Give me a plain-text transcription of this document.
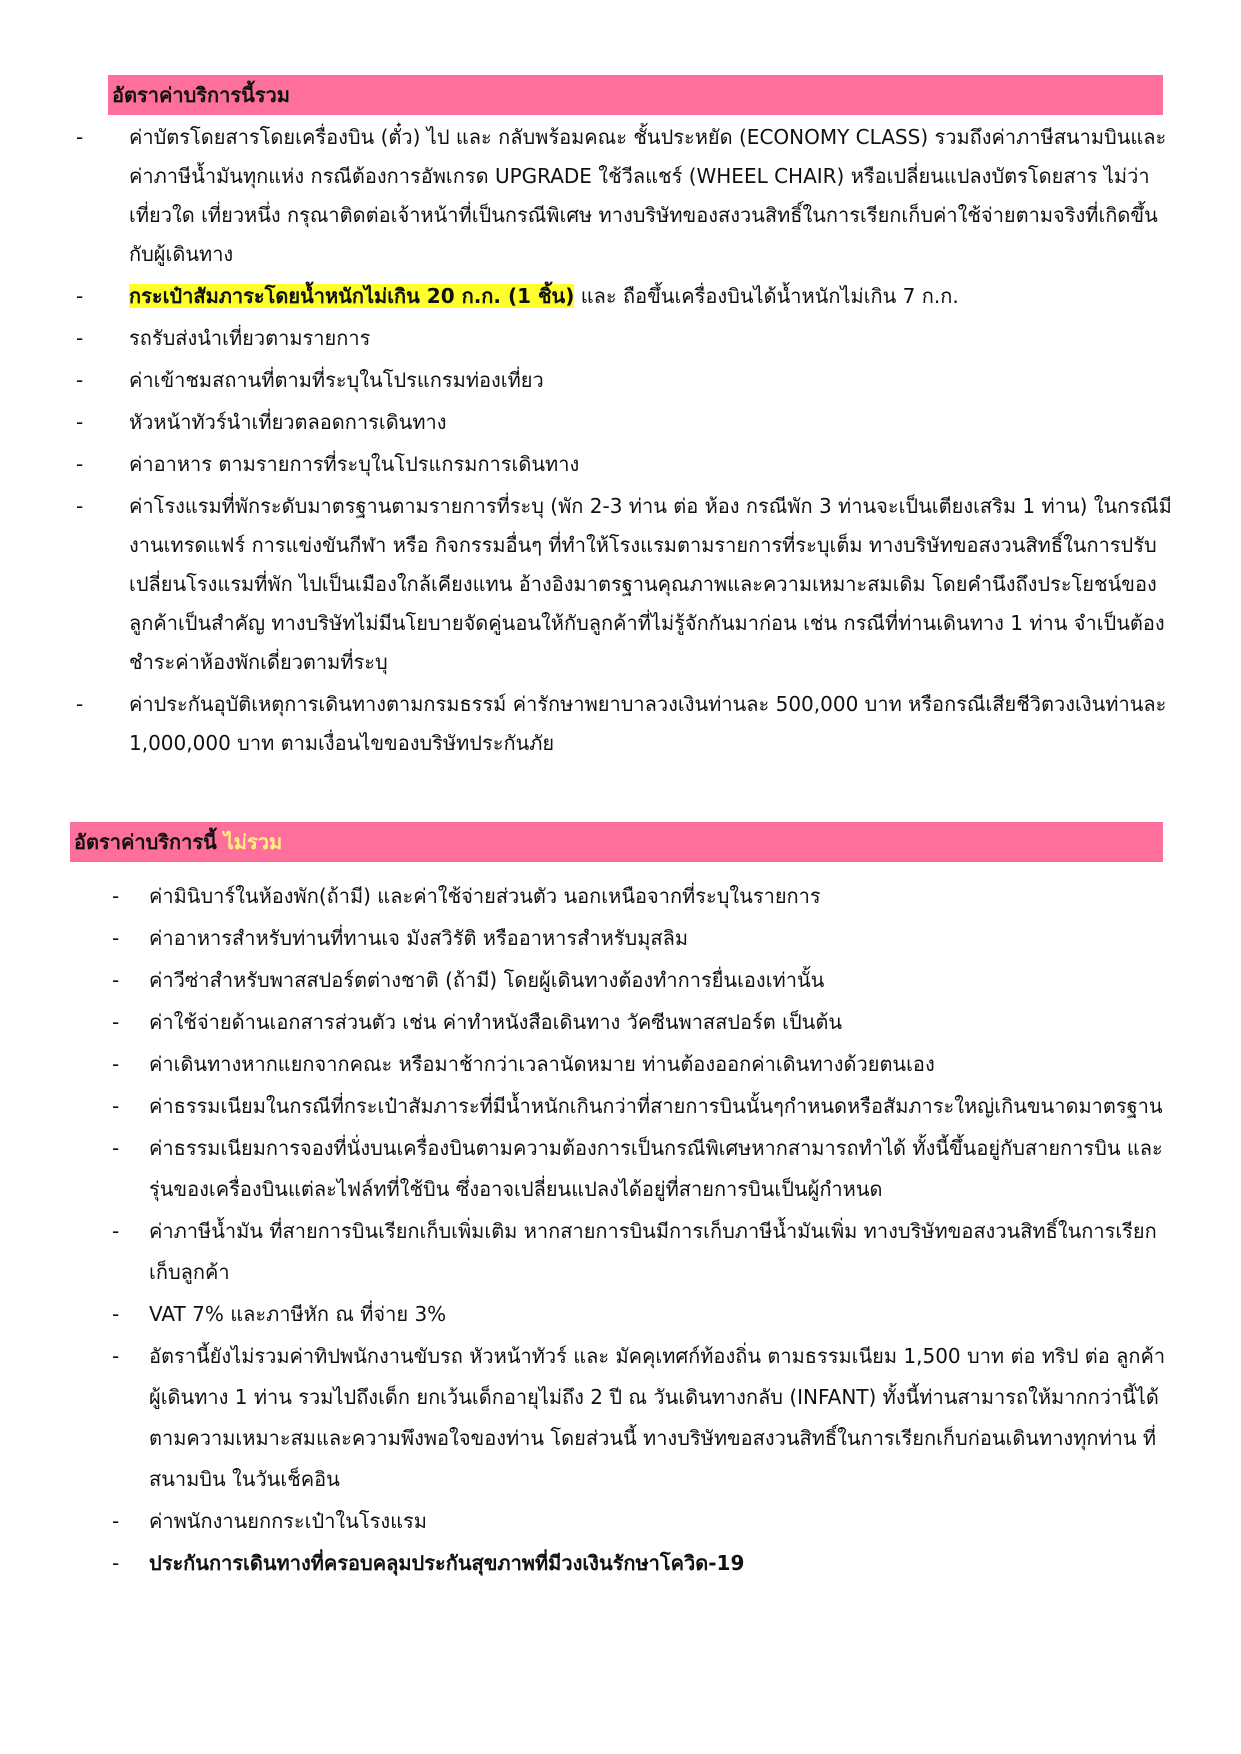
อัตราค่าบริการนี้รวม
- ค่าบัตรโดยสารโดยเครื่องบิน (ตั๋ว) ไป และ กลับพร้อมคณะ ชั้นประหยัด (ECONOMY CLASS) รวมถึงค่าภาษีสนามบินและค่าภาษีน้ำมันทุกแห่ง กรณีต้องการอัพเกรด UPGRADE ใช้วีลแชร์ (WHEEL CHAIR) หรือเปลี่ยนแปลงบัตรโดยสาร ไม่ว่าเที่ยวใด เที่ยวหนึ่ง กรุณาติดต่อเจ้าหน้าที่เป็นกรณีพิเศษ ทางบริษัทของสงวนสิทธิ์ในการเรียกเก็บค่าใช้จ่ายตามจริงที่เกิดขึ้นกับผู้เดินทาง
- กระเป๋าสัมภาระโดยน้ำหนักไม่เกิน 20 ก.ก. (1 ชิ้น) และ ถือขึ้นเครื่องบินได้น้ำหนักไม่เกิน 7 ก.ก.
- รถรับส่งนำเที่ยวตามรายการ
- ค่าเข้าชมสถานที่ตามที่ระบุในโปรแกรมท่องเที่ยว
- หัวหน้าทัวร์นำเที่ยวตลอดการเดินทาง
- ค่าอาหาร ตามรายการที่ระบุในโปรแกรมการเดินทาง
- ค่าโรงแรมที่พักระดับมาตรฐานตามรายการที่ระบุ (พัก 2-3 ท่าน ต่อ ห้อง กรณีพัก 3 ท่านจะเป็นเตียงเสริม 1 ท่าน) ในกรณีมีงานเทรดแฟร์ การแข่งขันกีฬา หรือ กิจกรรมอื่นๆ ที่ทำให้โรงแรมตามรายการที่ระบุเต็ม ทางบริษัทขอสงวนสิทธิ์ในการปรับเปลี่ยนโรงแรมที่พัก ไปเป็นเมืองใกล้เคียงแทน อ้างอิงมาตรฐานคุณภาพและความเหมาะสมเดิม โดยคำนึงถึงประโยชน์ของลูกค้าเป็นสำคัญ ทางบริษัทไม่มีนโยบายจัดคู่นอนให้กับลูกค้าที่ไม่รู้จักกันมาก่อน เช่น กรณีที่ท่านเดินทาง 1 ท่าน จำเป็นต้องชำระค่าห้องพักเดี่ยวตามที่ระบุ
- ค่าประกันอุบัติเหตุการเดินทางตามกรมธรรม์ ค่ารักษาพยาบาลวงเงินท่านละ 500,000 บาท หรือกรณีเสียชีวิตวงเงินท่านละ 1,000,000 บาท ตามเงื่อนไขของบริษัทประกันภัย
อัตราค่าบริการนี้ ไม่รวม
- ค่ามินิบาร์ในห้องพัก(ถ้ามี) และค่าใช้จ่ายส่วนตัว นอกเหนือจากที่ระบุในรายการ
- ค่าอาหารสำหรับท่านที่ทานเจ มังสวิรัติ หรืออาหารสำหรับมุสลิม
- ค่าวีซ่าสำหรับพาสสปอร์ตต่างชาติ (ถ้ามี) โดยผู้เดินทางต้องทำการยื่นเองเท่านั้น
- ค่าใช้จ่ายด้านเอกสารส่วนตัว เช่น ค่าทำหนังสือเดินทาง วัคซีนพาสสปอร์ต เป็นต้น
- ค่าเดินทางหากแยกจากคณะ หรือมาช้ากว่าเวลานัดหมาย ท่านต้องออกค่าเดินทางด้วยตนเอง
- ค่าธรรมเนียมในกรณีที่กระเป๋าสัมภาระที่มีน้ำหนักเกินกว่าที่สายการบินนั้นๆกำหนดหรือสัมภาระใหญ่เกินขนาดมาตรฐาน
- ค่าธรรมเนียมการจองที่นั่งบนเครื่องบินตามความต้องการเป็นกรณีพิเศษหากสามารถทำได้ ทั้งนี้ขึ้นอยู่กับสายการบิน และ รุ่นของเครื่องบินแต่ละไฟล์ทที่ใช้บิน ซึ่งอาจเปลี่ยนแปลงได้อยู่ที่สายการบินเป็นผู้กำหนด
- ค่าภาษีน้ำมัน ที่สายการบินเรียกเก็บเพิ่มเติม หากสายการบินมีการเก็บภาษีน้ำมันเพิ่ม ทางบริษัทขอสงวนสิทธิ์ในการเรียกเก็บลูกค้า
- VAT 7% และภาษีหัก ณ ที่จ่าย 3%
- อัตรานี้ยังไม่รวมค่าทิปพนักงานขับรถ หัวหน้าทัวร์ และ มัคคุเทศก์ท้องถิ่น ตามธรรมเนียม 1,500 บาท ต่อ ทริป ต่อ ลูกค้า ผู้เดินทาง 1 ท่าน รวมไปถึงเด็ก ยกเว้นเด็กอายุไม่ถึง 2 ปี ณ วันเดินทางกลับ (INFANT) ทั้งนี้ท่านสามารถให้มากกว่านี้ได้ตามความเหมาะสมและความพึงพอใจของท่าน โดยส่วนนี้ ทางบริษัทขอสงวนสิทธิ์ในการเรียกเก็บก่อนเดินทางทุกท่าน ที่สนามบิน ในวันเช็คอิน
- ค่าพนักงานยกกระเป๋าในโรงแรม
- ประกันการเดินทางที่ครอบคลุมประกันสุขภาพที่มีวงเงินรักษาโควิด-19
